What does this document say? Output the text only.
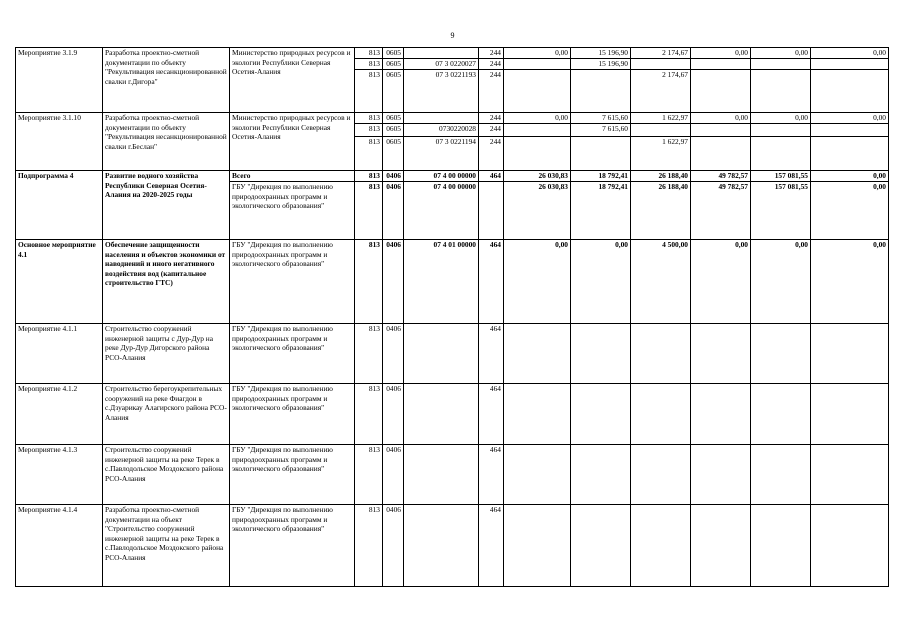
9
Мероприятие 3.1.9	Разработка проектно-сметной документации по объекту "Рекультивация несанкционированной свалки г.Дигора"	Министерство природных ресурсов и экологии Республики Северная Осетия-Алания	813	0605		244	0,00	15 196,90	2 174,67	0,00	0,00	0,00
			813	0605	07 3 0220027	244		15 196,90				
			813	0605	07 3 0221193	244			2 174,67			
Мероприятие 3.1.10	Разработка проектно-сметной документации по объекту "Рекультивация несанкционированной свалки г.Беслан"	Министерство природных ресурсов и экологии Республики Северная Осетия-Алания	813	0605		244	0,00	7 615,60	1 622,97	0,00	0,00	0,00
			813	0605	0730220028	244		7 615,60				
			813	0605	07 3 0221194	244			1 622,97			
Подпрограмма 4	Развитие водного хозяйства Республики Северная Осетия-Алания на 2020-2025 годы	Всего	813	0406	07 4 00 00000	464	26 030,83	18 792,41	26 188,40	49 782,57	157 081,55	0,00
		ГБУ "Дирекция по выполнению природоохранных программ и экологического образования"	813	0406	07 4 00 00000		26 030,83	18 792,41	26 188,40	49 782,57	157 081,55	0,00
Основное мероприятие 4.1	Обеспечение защищенности населения и объектов экономики от наводнений и иного негативного воздействия вод (капитальное строительство ГТС)	ГБУ "Дирекция по выполнению природоохранных программ и экологического образования"	813	0406	07 4 01 00000	464	0,00	0,00	4 500,00	0,00	0,00	0,00
Мероприятие 4.1.1	Строительство сооружений инженерной защиты с Дур-Дур на реке Дур-Дур Дигорского района РСО-Алания	ГБУ "Дирекция по выполнению природоохранных программ и экологического образования"	813	0406		464						
Мероприятие 4.1.2	Строительство берегоукрепительных сооружений на реке Фиагдон в с.Дзуарикау Алагирского района РСО-Алания	ГБУ "Дирекция по выполнению природоохранных программ и экологического образования"	813	0406		464						
Мероприятие 4.1.3	Строительство сооружений инженерной защиты на реке Терек в с.Павлодольское Моздокского района РСО-Алания	ГБУ "Дирекция по выполнению природоохранных программ и экологического образования"	813	0406		464						
Мероприятие 4.1.4	Разработка проектно-сметной документации на объект "Строительство сооружений инженерной защиты на реке Терек в с.Павлодольское Моздокского района РСО-Алания	ГБУ "Дирекция по выполнению природоохранных программ и экологического образования"	813	0406		464						
